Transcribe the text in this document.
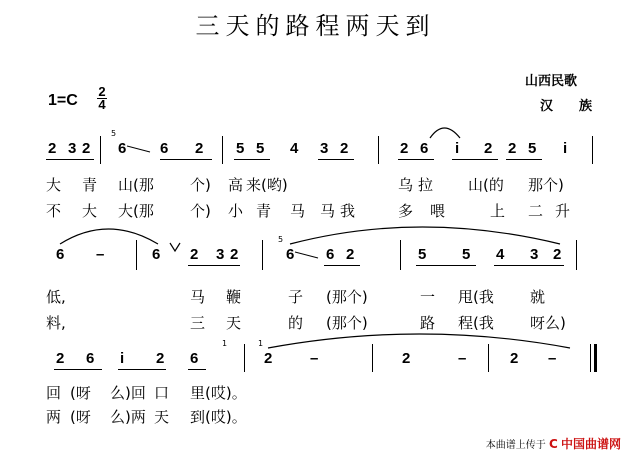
三天的路程两天到
山西民歌
汉　　族
1=C
2
4
2 3 2 6 6 2 5 5 4 3 2	2 6 i 2 2 5 i
大 青 山(那 个) 高 来(哟)	乌 拉 山(的 那个)
不 大 大(那 个) 小 青 马 马 我	多 喂	上 二 升
6 –	6 2 3 2	6 6 2	5 5 4 3 2
低,	马 鞭	子 (那个)	一 甩(我 就
料,	三 天	的 (那个)	路 程(我 呀么)
2 6 i 2 6	2	–	2	–	2 –
回 (呀 么)回 口 里(哎)。
两 (呀 么)两 天 到(哎)。
5
5
1
1
本曲谱上传于 C 中国曲谱网
